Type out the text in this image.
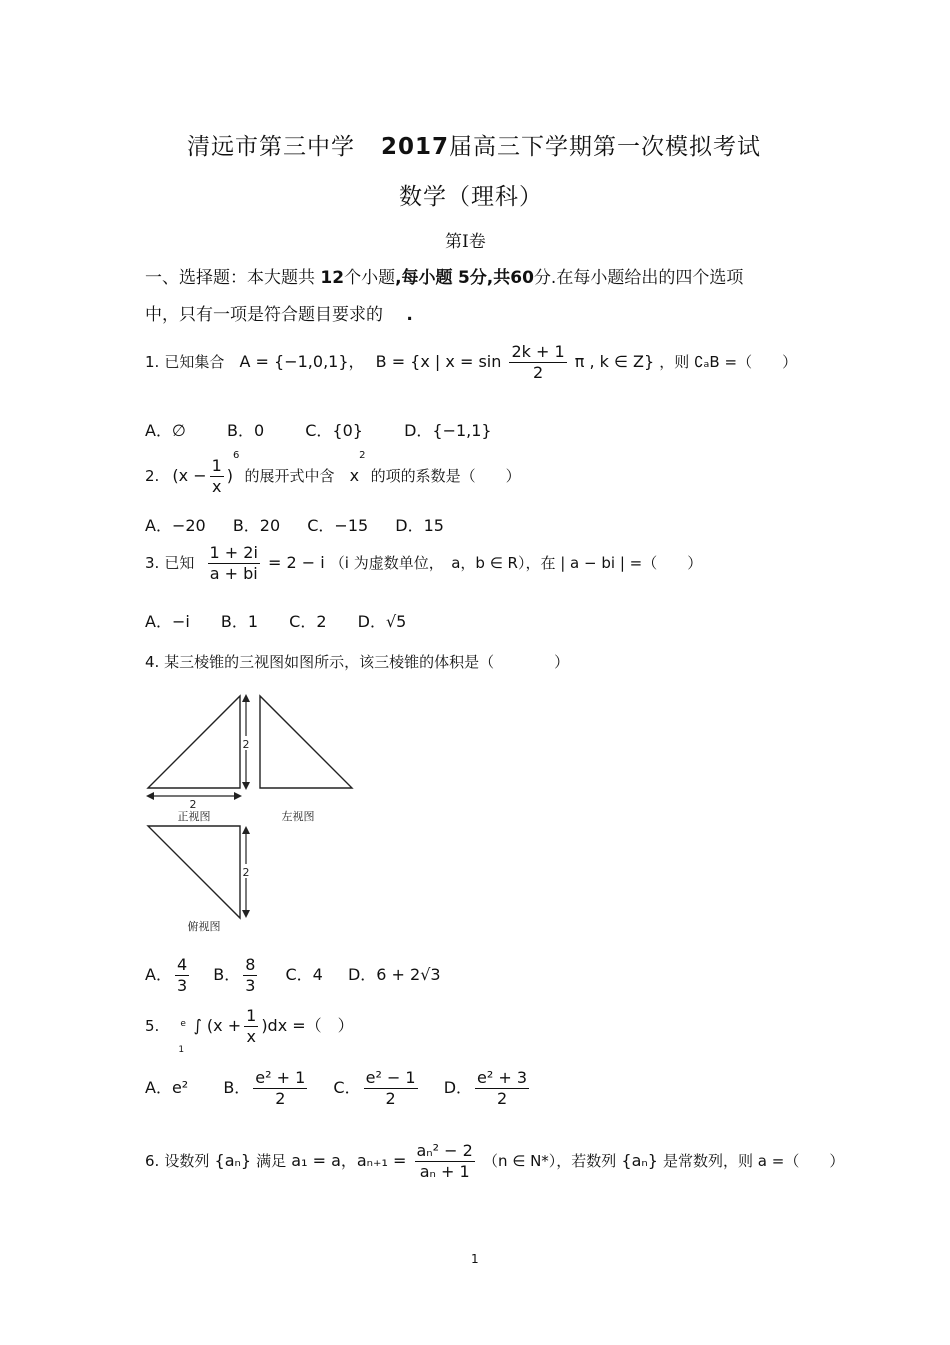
清远市第三中学 2017届高三下学期第一次模拟考试
数学（理科）
第Ⅰ卷
一、选择题：本大题共 12个小题,每小题 5分,共60分.在每小题给出的四个选项
中，只有一项是符合题目要求的 .
1. 已知集合 A = {−1,0,1}， B = {x | $x = \sin \frac{2k + 1}{2}$ π , k ∈ Z} ，则 ∁ₐB =（　　）
A．∅	B．0	C．{0}	D．{−1,1}
2. $(x - \frac{1}{x} )^6$ 的展开式中含 $x^2$ 的项的系数是（　　）
A．−20 B．20 C．−15 D．15
3. 已知 $\frac{1 + 2i}{a + bi} = 2 - i$ （i 为虚数单位，　a，b ∈ R），在 | a − bi | =（　　）
A．−i B．1 C．2 D．√5
4. 某三棱锥的三视图如图所示，该三棱锥的体积是（　　　　）
2
2
正视图	左视图
2
俯视图
A． $\frac{4}{3}$ B． $\frac{8}{3}$ C．4 D．6 + 2√3
5. e
1
∫ $(x + \frac{1}{x} )dx$ =（　）
A．e² B． $\frac{\text{e² + 1}}{2}$ C． $\frac{\text{e² − 1}}{2}$ D． $\frac{\text{e² + 3}}{2}$
6. 设数列 {aₙ} 满足 a₁ = a，$a_{n+1} = \frac{\text{aₙ² − 2}}{\text{aₙ + 1}} (n$ ∈ N*），若数列 {aₙ} 是常数列，则 a =（　　）
1
